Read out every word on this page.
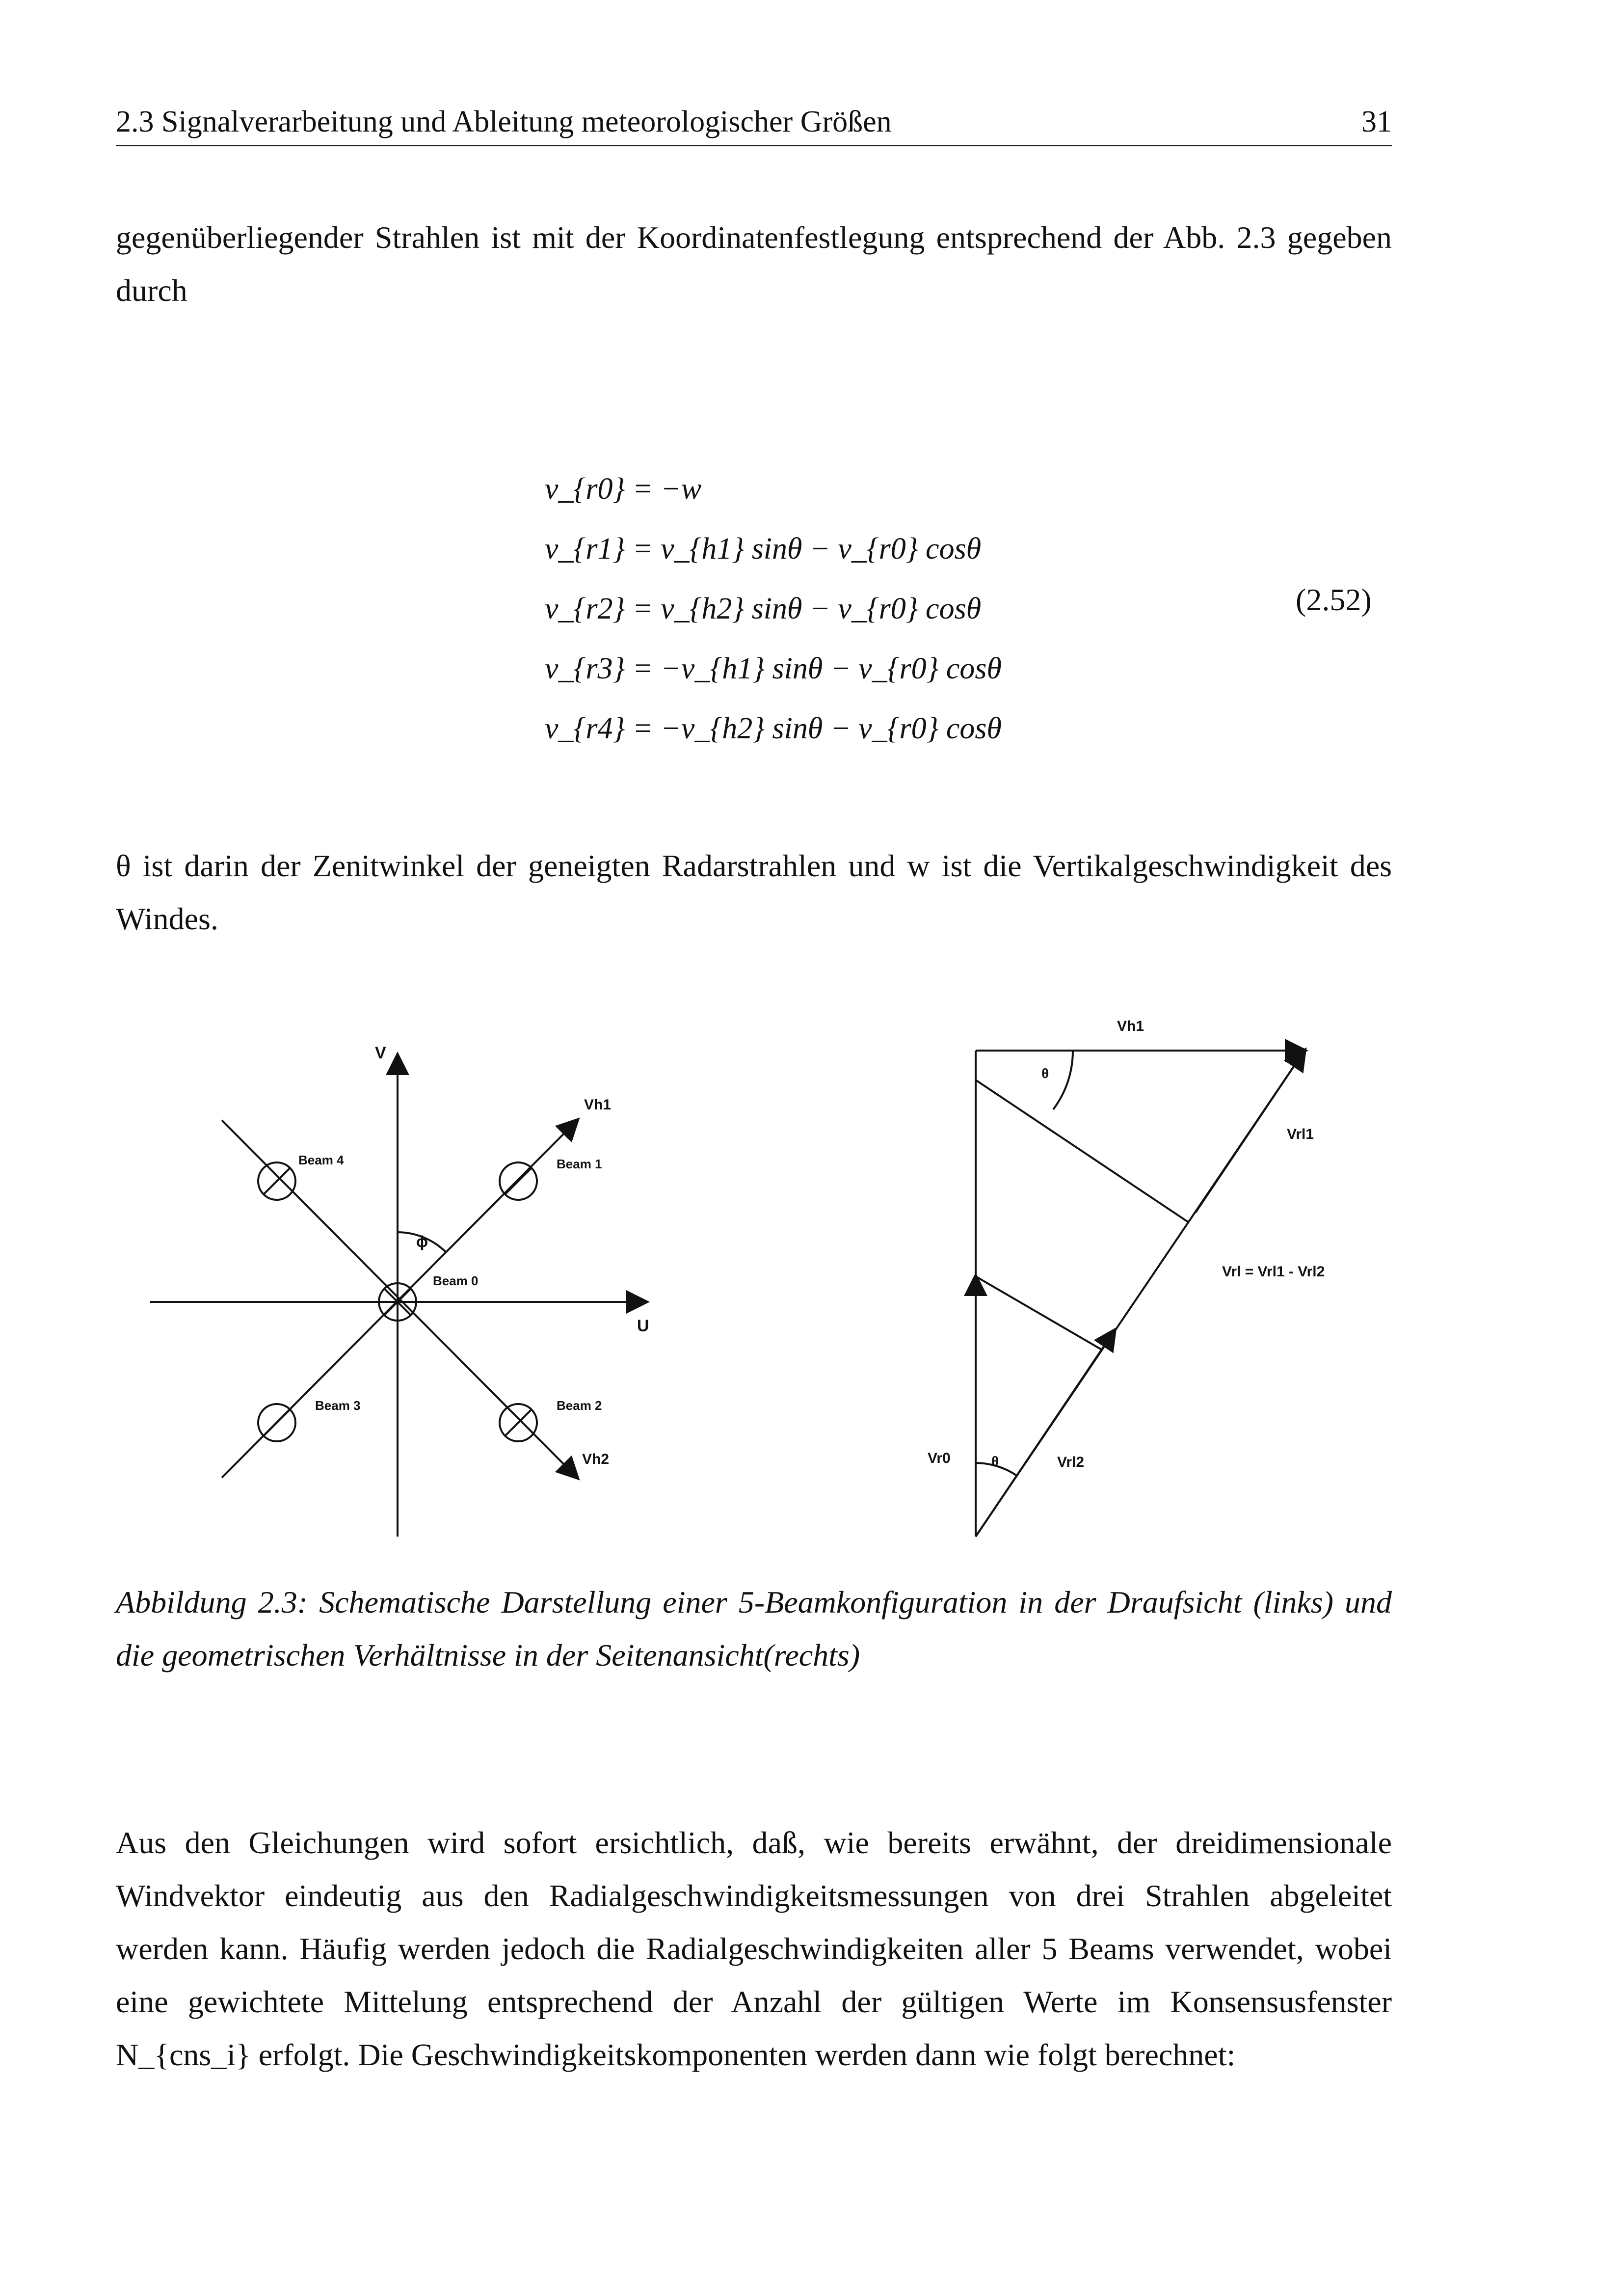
2.3 Signalverarbeitung und Ableitung meteorologischer Größen	31
gegenüberliegender Strahlen ist mit der Koordinatenfestlegung entsprechend der Abb. 2.3 gegeben durch
v_{r0} = −w
v_{r1} = v_{h1} sinθ − v_{r0} cosθ
v_{r2} = v_{h2} sinθ − v_{r0} cosθ
v_{r3} = −v_{h1} sinθ − v_{r0} cosθ
v_{r4} = −v_{h2} sinθ − v_{r0} cosθ
(2.52)
θ ist darin der Zenitwinkel der geneigten Radarstrahlen und w ist die Vertikalgeschwindigkeit des Windes.
V
U
ϕ
Vh1
Vh2
Beam 0
Beam 1
Beam 2
Beam 3
Beam 4
Vh1
θ
Vrl1
Vrl = Vrl1 - Vrl2
Vr0	θ	Vrl2
Abbildung 2.3: Schematische Darstellung einer 5-Beamkonfiguration in der Draufsicht (links) und die geometrischen Verhältnisse in der Seitenansicht(rechts)
Aus den Gleichungen wird sofort ersichtlich, daß, wie bereits erwähnt, der dreidimensionale Windvektor eindeutig aus den Radialgeschwindigkeitsmessungen von drei Strahlen abgeleitet werden kann. Häufig werden jedoch die Radialgeschwindigkeiten aller 5 Beams verwendet, wobei eine gewichtete Mittelung entsprechend der Anzahl der gültigen Werte im Konsensusfenster N_{cns_i} erfolgt. Die Geschwindigkeitskomponenten werden dann wie folgt berechnet:
